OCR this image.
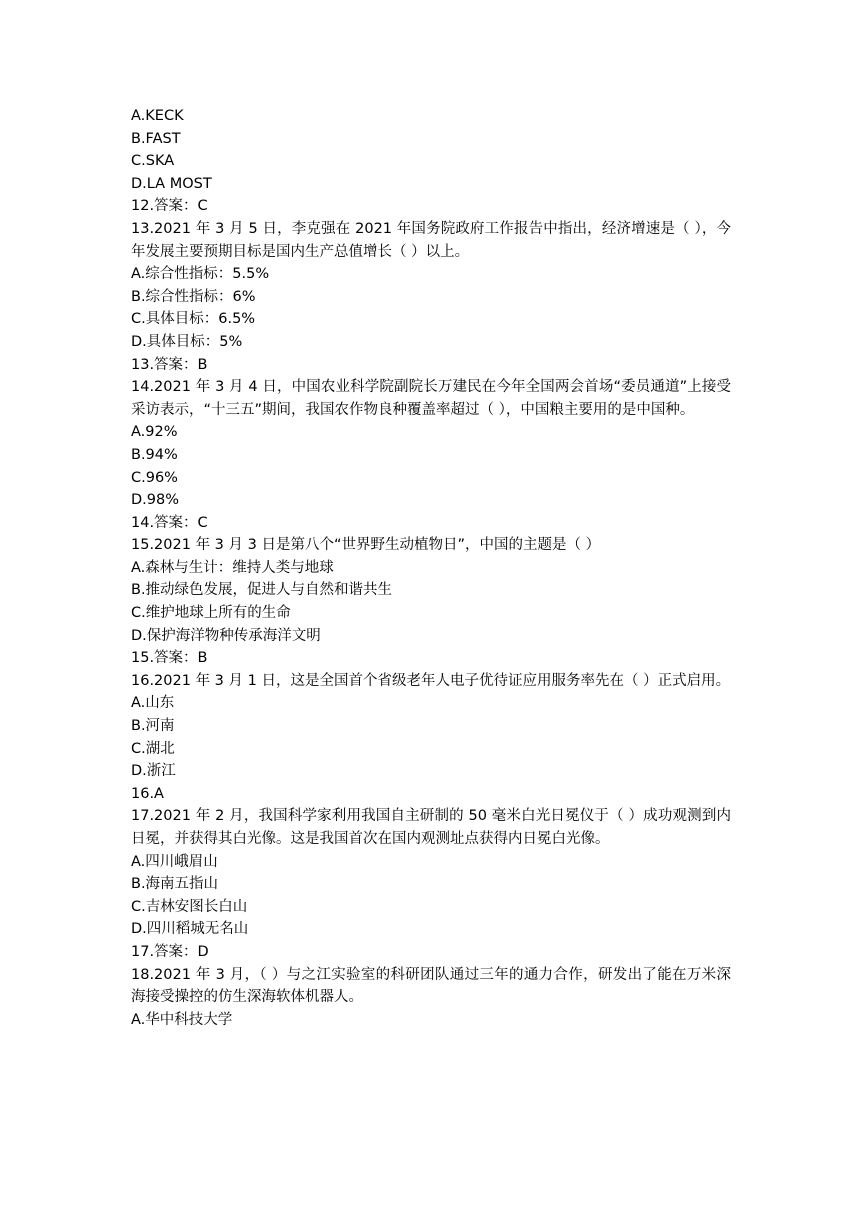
A.KECK
B.FAST
C.SKA
D.LA MOST
12.答案：C
13.2021 年 3 月 5 日，李克强在 2021 年国务院政府工作报告中指出，经济增速是（ ），今年发展主要预期目标是国内生产总值增长（ ）以上。
A.综合性指标：5.5%
B.综合性指标：6%
C.具体目标：6.5%
D.具体目标：5%
13.答案：B
14.2021 年 3 月 4 日，中国农业科学院副院长万建民在今年全国两会首场“委员通道”上接受采访表示，“十三五”期间，我国农作物良种覆盖率超过（ ），中国粮主要用的是中国种。
A.92%
B.94%
C.96%
D.98%
14.答案：C
15.2021 年 3 月 3 日是第八个“世界野生动植物日”，中国的主题是（ ）
A.森林与生计：维持人类与地球
B.推动绿色发展，促进人与自然和谐共生
C.维护地球上所有的生命
D.保护海洋物种传承海洋文明
15.答案：B
16.2021 年 3 月 1 日，这是全国首个省级老年人电子优待证应用服务率先在（ ）正式启用。
A.山东
B.河南
C.湖北
D.浙江
16.A
17.2021 年 2 月，我国科学家利用我国自主研制的 50 毫米白光日冕仪于（ ）成功观测到内日冕，并获得其白光像。这是我国首次在国内观测址点获得内日冕白光像。
A.四川峨眉山
B.海南五指山
C.吉林安图长白山
D.四川稻城无名山
17.答案：D
18.2021 年 3 月，（ ）与之江实验室的科研团队通过三年的通力合作，研发出了能在万米深海接受操控的仿生深海软体机器人。
A.华中科技大学
